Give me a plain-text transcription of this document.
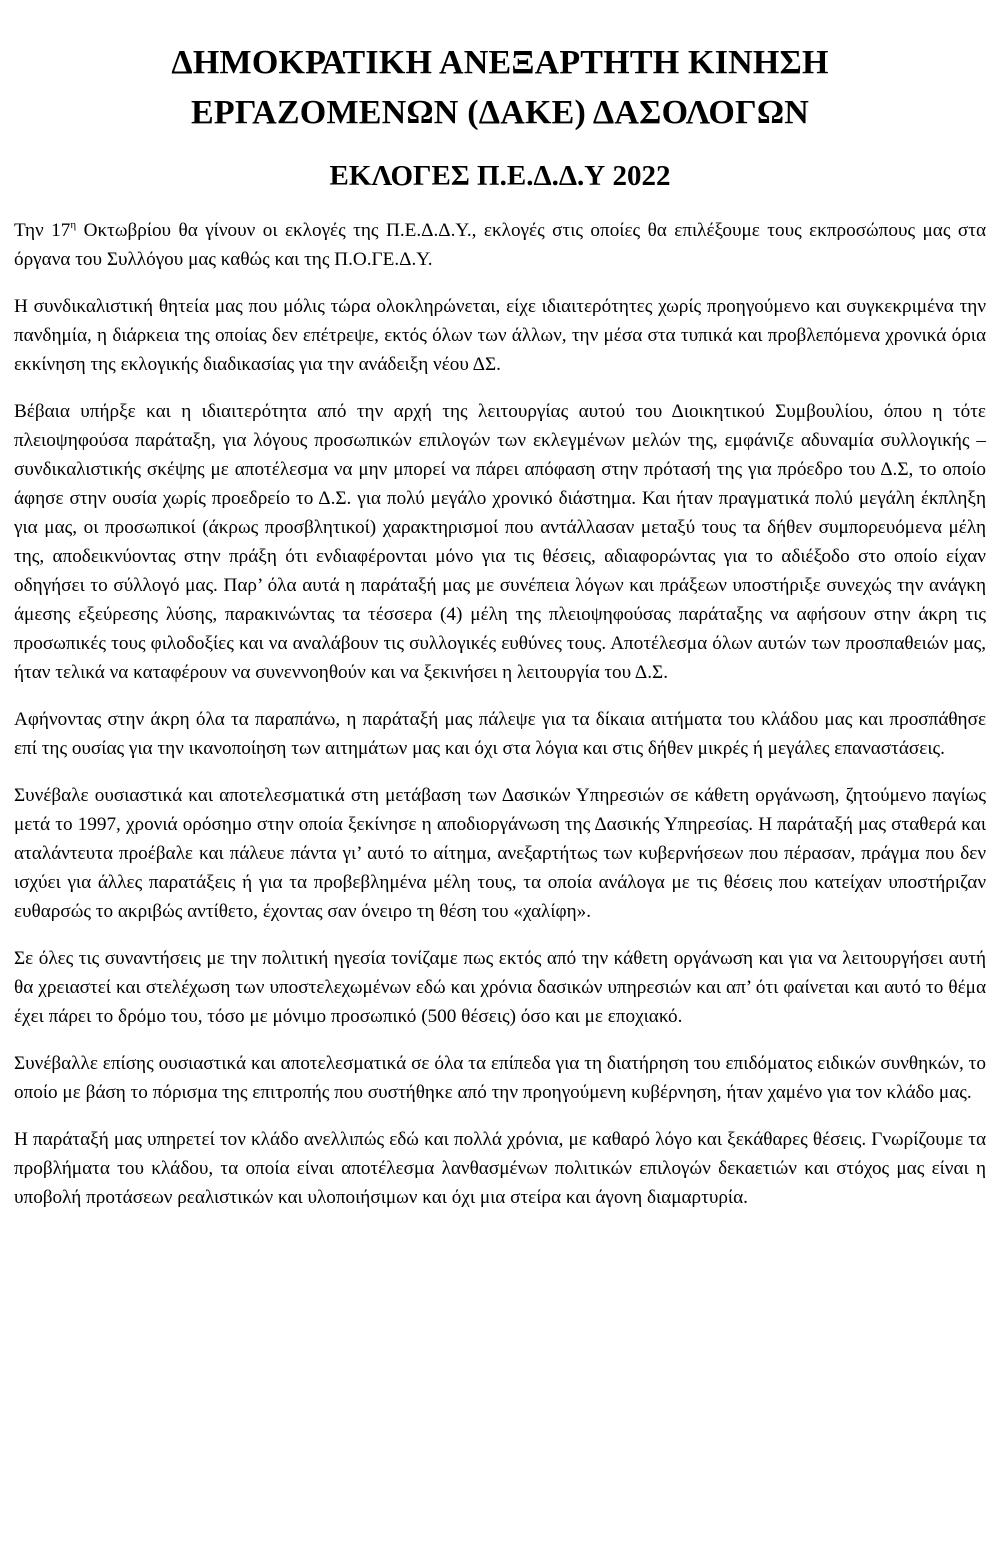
ΔΗΜΟΚΡΑΤΙΚΗ ΑΝΕΞΑΡΤΗΤΗ ΚΙΝΗΣΗ
ΕΡΓΑΖΟΜΕΝΩΝ (ΔΑΚΕ) ΔΑΣΟΛΟΓΩΝ
ΕΚΛΟΓΕΣ Π.Ε.Δ.Δ.Υ 2022

Την $17^\eta$ Οκτωβρίου θα γίνουν οι εκλογές της Π.Ε.Δ.Δ.Υ., εκλογές στις οποίες θα επιλέξουμε τους εκπροσώπους μας στα όργανα του Συλλόγου μας καθώς και της Π.Ο.ΓΕ.Δ.Υ.

Η συνδικαλιστική θητεία μας που μόλις τώρα ολοκληρώνεται, είχε ιδιαιτερότητες χωρίς προηγούμενο και συγκεκριμένα την πανδημία, η διάρκεια της οποίας δεν επέτρεψε, εκτός όλων των άλλων, την μέσα στα τυπικά και προβλεπόμενα χρονικά όρια εκκίνηση της εκλογικής διαδικασίας για την ανάδειξη νέου ΔΣ.

Βέβαια υπήρξε και η ιδιαιτερότητα από την αρχή της λειτουργίας αυτού του Διοικητικού Συμβουλίου, όπου η τότε πλειοψηφούσα παράταξη, για λόγους προσωπικών επιλογών των εκλεγμένων μελών της, εμφάνιζε αδυναμία συλλογικής – συνδικαλιστικής σκέψης με αποτέλεσμα να μην μπορεί να πάρει απόφαση στην πρότασή της για πρόεδρο του Δ.Σ, το οποίο άφησε στην ουσία χωρίς προεδρείο το Δ.Σ. για πολύ μεγάλο χρονικό διάστημα. Και ήταν πραγματικά πολύ μεγάλη έκπληξη για μας, οι προσωπικοί (άκρως προσβλητικοί) χαρακτηρισμοί που αντάλλασαν μεταξύ τους τα δήθεν συμπορευόμενα μέλη της, αποδεικνύοντας στην πράξη ότι ενδιαφέρονται μόνο για τις θέσεις, αδιαφορώντας για το αδιέξοδο στο οποίο είχαν οδηγήσει το σύλλογό μας. Παρ’ όλα αυτά η παράταξή μας με συνέπεια λόγων και πράξεων υποστήριξε συνεχώς την ανάγκη άμεσης εξεύρεσης λύσης, παρακινώντας τα τέσσερα (4) μέλη της πλειοψηφούσας παράταξης να αφήσουν στην άκρη τις προσωπικές τους φιλοδοξίες και να αναλάβουν τις συλλογικές ευθύνες τους. Αποτέλεσμα όλων αυτών των προσπαθειών μας, ήταν τελικά να καταφέρουν να συνεννοηθούν και να ξεκινήσει η λειτουργία του Δ.Σ.

Αφήνοντας στην άκρη όλα τα παραπάνω, η παράταξή μας πάλεψε για τα δίκαια αιτήματα του κλάδου μας και προσπάθησε επί της ουσίας για την ικανοποίηση των αιτημάτων μας και όχι στα λόγια και στις δήθεν μικρές ή μεγάλες επαναστάσεις.

Συνέβαλε ουσιαστικά και αποτελεσματικά στη μετάβαση των Δασικών Υπηρεσιών σε κάθετη οργάνωση, ζητούμενο παγίως μετά το 1997, χρονιά ορόσημο στην οποία ξεκίνησε η αποδιοργάνωση της Δασικής Υπηρεσίας. Η παράταξή μας σταθερά και αταλάντευτα προέβαλε και πάλευε πάντα γι’ αυτό το αίτημα, ανεξαρτήτως των κυβερνήσεων που πέρασαν, πράγμα που δεν ισχύει για άλλες παρατάξεις ή για τα προβεβλημένα μέλη τους, τα οποία ανάλογα με τις θέσεις που κατείχαν υποστήριζαν ευθαρσώς το ακριβώς αντίθετο, έχοντας σαν όνειρο τη θέση του «χαλίφη».

Σε όλες τις συναντήσεις με την πολιτική ηγεσία τονίζαμε πως εκτός από την κάθετη οργάνωση και για να λειτουργήσει αυτή θα χρειαστεί και στελέχωση των υποστελεχωμένων εδώ και χρόνια δασικών υπηρεσιών και απ’ ότι φαίνεται και αυτό το θέμα έχει πάρει το δρόμο του, τόσο με μόνιμο προσωπικό (500 θέσεις) όσο και με εποχιακό.

Συνέβαλλε επίσης ουσιαστικά και αποτελεσματικά σε όλα τα επίπεδα για τη διατήρηση του επιδόματος ειδικών συνθηκών, το οποίο με βάση το πόρισμα της επιτροπής που συστήθηκε από την προηγούμενη κυβέρνηση, ήταν χαμένο για τον κλάδο μας.

Η παράταξή μας υπηρετεί τον κλάδο ανελλιπώς εδώ και πολλά χρόνια, με καθαρό λόγο και ξεκάθαρες θέσεις. Γνωρίζουμε τα προβλήματα του κλάδου, τα οποία είναι αποτέλεσμα λανθασμένων πολιτικών επιλογών δεκαετιών και στόχος μας είναι η υποβολή προτάσεων ρεαλιστικών και υλοποιήσιμων και όχι μια στείρα και άγονη διαμαρτυρία.
